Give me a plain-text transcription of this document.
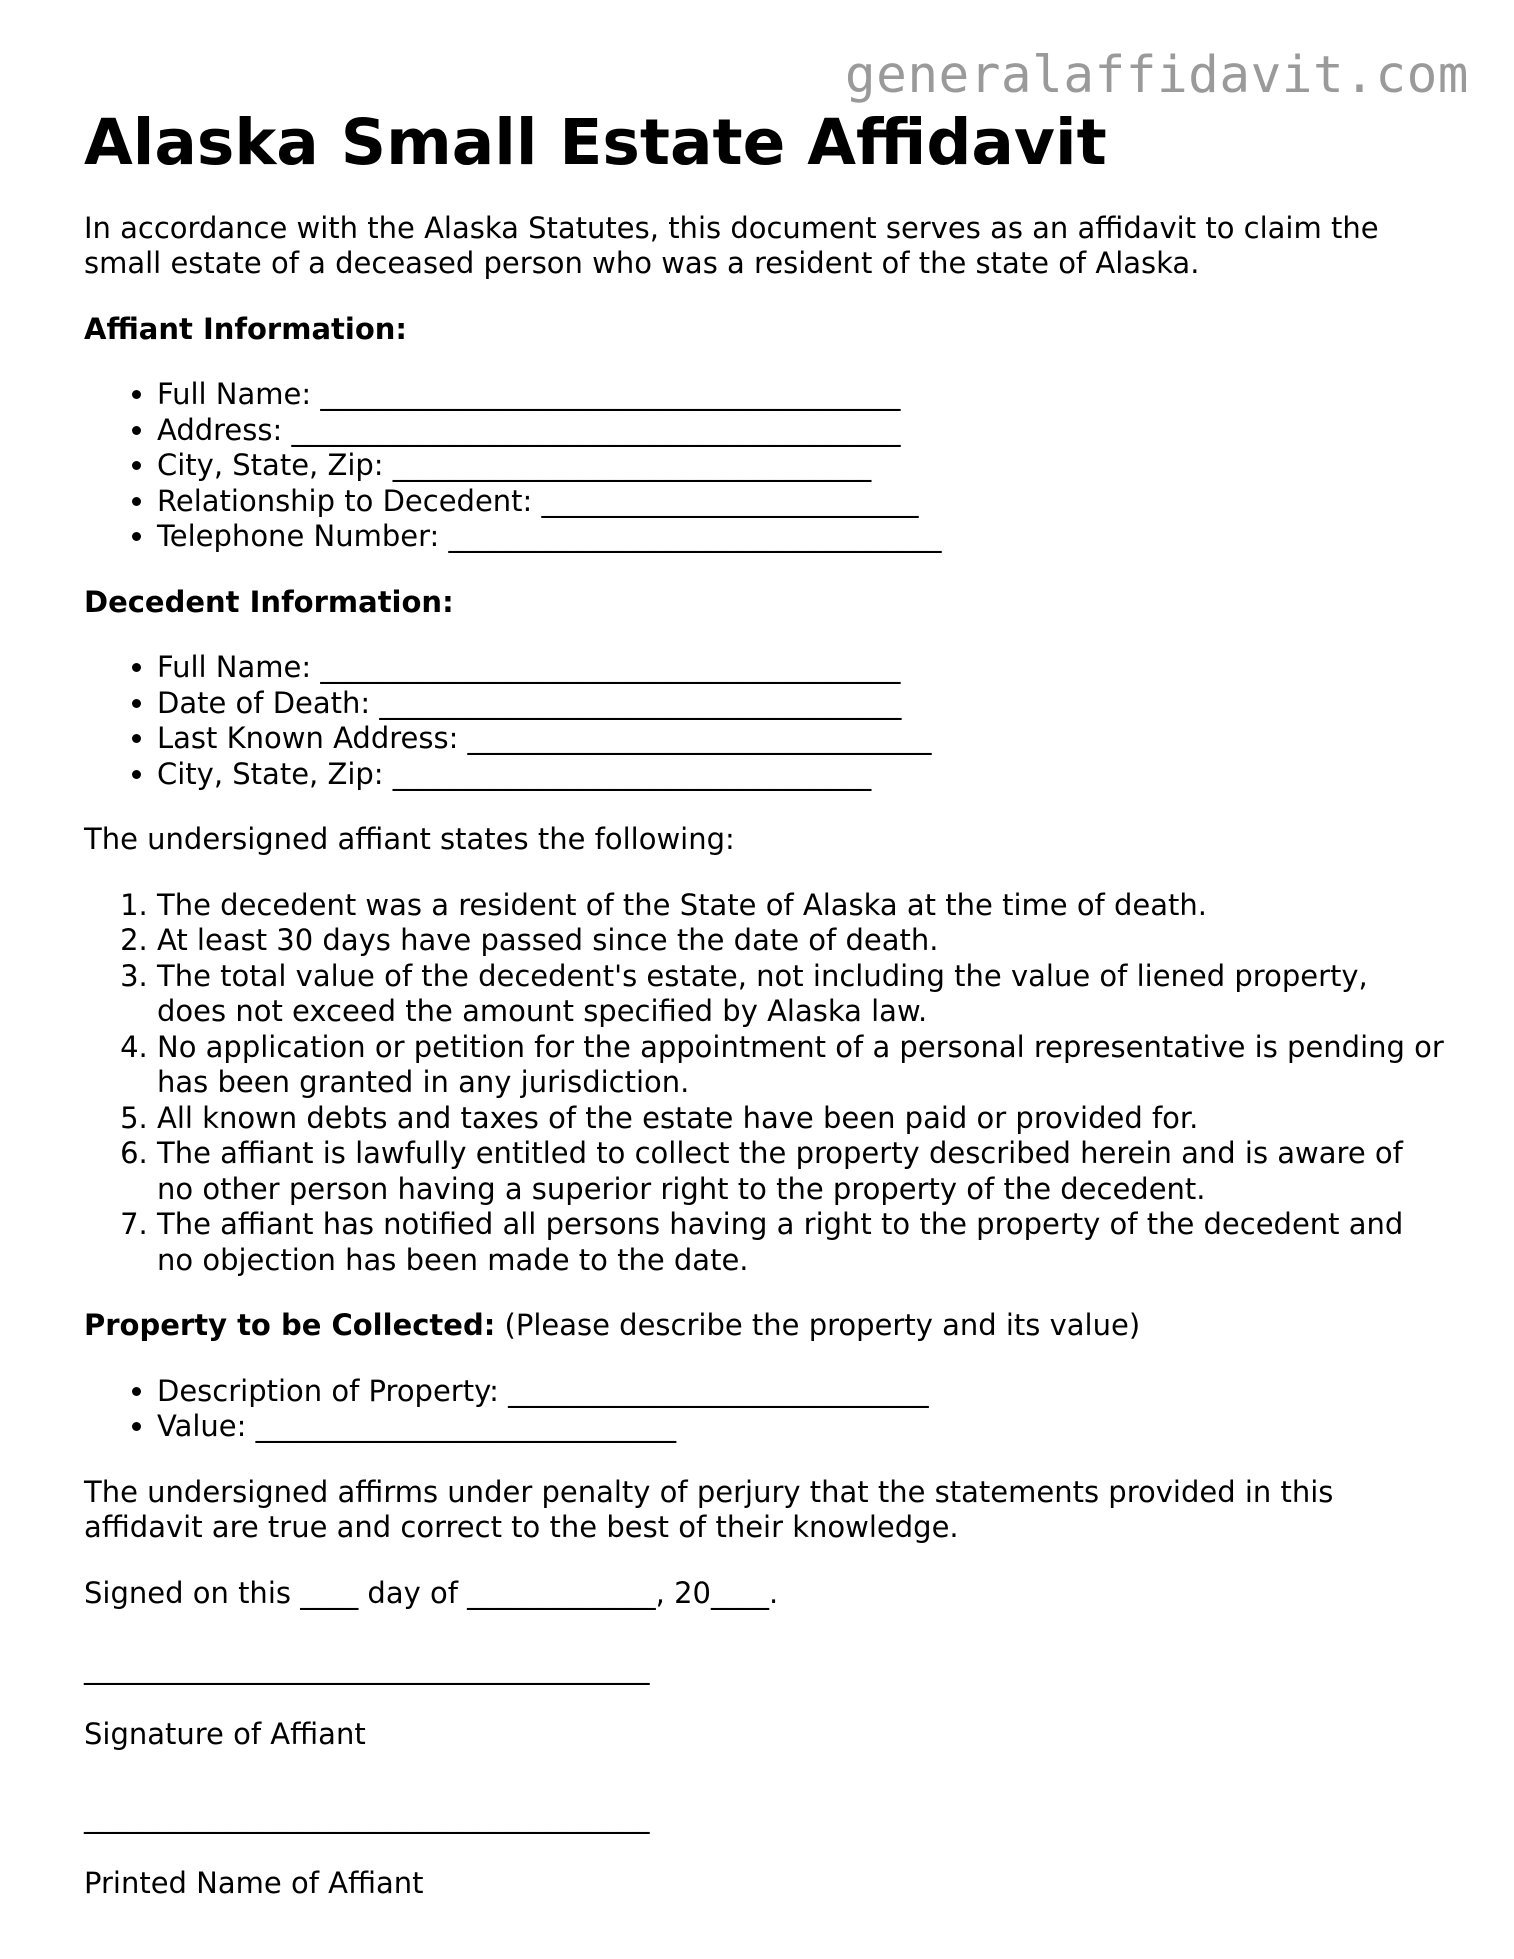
generalaffidavit.com
Alaska Small Estate Affidavit

In accordance with the Alaska Statutes, this document serves as an affidavit to claim the small estate of a deceased person who was a resident of the state of Alaska.

Affiant Information:

• Full Name: ________________________________________
• Address: __________________________________________
• City, State, Zip: _________________________________
• Relationship to Decedent: __________________________
• Telephone Number: __________________________________

Decedent Information:

• Full Name: ________________________________________
• Date of Death: ____________________________________
• Last Known Address: ________________________________
• City, State, Zip: _________________________________

The undersigned affiant states the following:

1. The decedent was a resident of the State of Alaska at the time of death.
2. At least 30 days have passed since the date of death.
3. The total value of the decedent's estate, not including the value of liened property, does not exceed the amount specified by Alaska law.
4. No application or petition for the appointment of a personal representative is pending or has been granted in any jurisdiction.
5. All known debts and taxes of the estate have been paid or provided for.
6. The affiant is lawfully entitled to collect the property described herein and is aware of no other person having a superior right to the property of the decedent.
7. The affiant has notified all persons having a right to the property of the decedent and no objection has been made to the date.

Property to be Collected: (Please describe the property and its value)

• Description of Property: _____________________________
• Value: _____________________________

The undersigned affirms under penalty of perjury that the statements provided in this affidavit are true and correct to the best of their knowledge.

Signed on this ____ day of _____________, 20____.

_______________________________________

Signature of Affiant

_______________________________________

Printed Name of Affiant
